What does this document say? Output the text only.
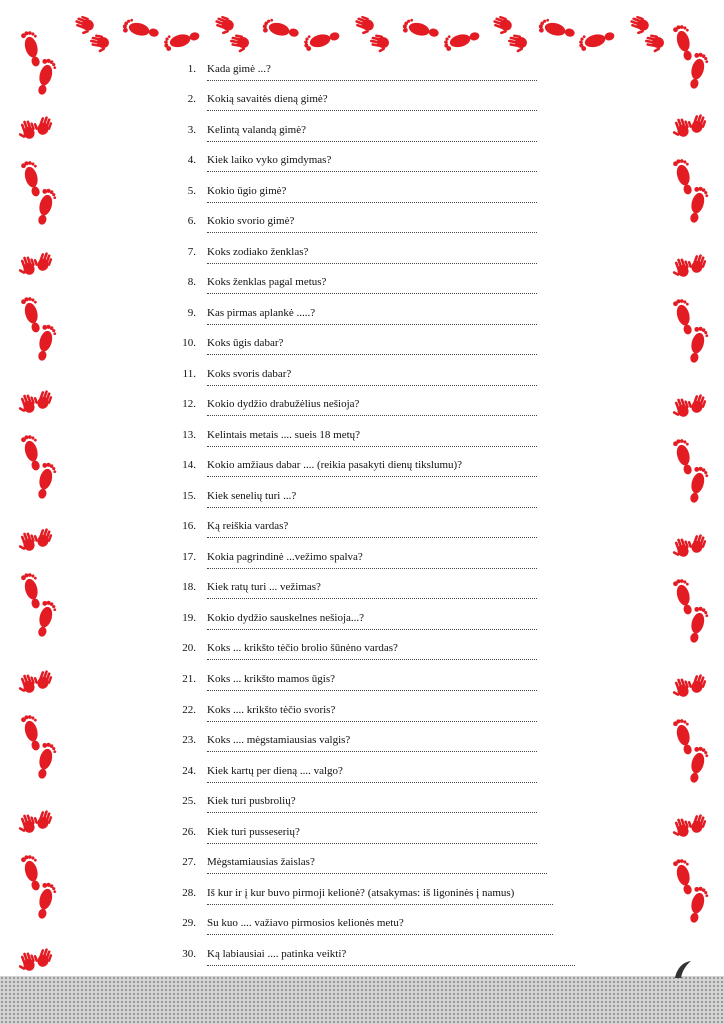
1. Kada gimė ...?
2. Kokią savaitės dieną gimė?
3. Kelintą valandą gimė?
4. Kiek laiko vyko gimdymas?
5. Kokio ūgio gimė?
6. Kokio svorio gimė?
7. Koks zodiako ženklas?
8. Koks ženklas pagal metus?
9. Kas pirmas aplankė .....?
10. Koks ūgis dabar?
11. Koks svoris dabar?
12. Kokio dydžio drabužėlius nešioja?
13. Kelintais metais .... sueis 18 metų?
14. Kokio amžiaus dabar .... (reikia pasakyti dienų tikslumu)?
15. Kiek senelių turi ...?
16. Ką reiškia vardas?
17. Kokia pagrindinė ...vežimo spalva?
18. Kiek ratų turi ... vežimas?
19. Kokio dydžio sauskelnes nešioja...?
20. Koks ... krikšto tėčio brolio šūnėno vardas?
21. Koks ... krikšto mamos ūgis?
22. Koks .... krikšto tėčio svoris?
23. Koks .... mėgstamiausias valgis?
24. Kiek kartų per dieną .... valgo?
25. Kiek turi pusbrolių?
26. Kiek turi pusseserių?
27. Mėgstamiausias žaislas?
28. Iš kur ir į kur buvo pirmoji kelionė? (atsakymas: iš ligoninės į namus)
29. Su kuo .... važiavo pirmosios kelionės metu?
30. Ką labiausiai .... patinka veikti?
